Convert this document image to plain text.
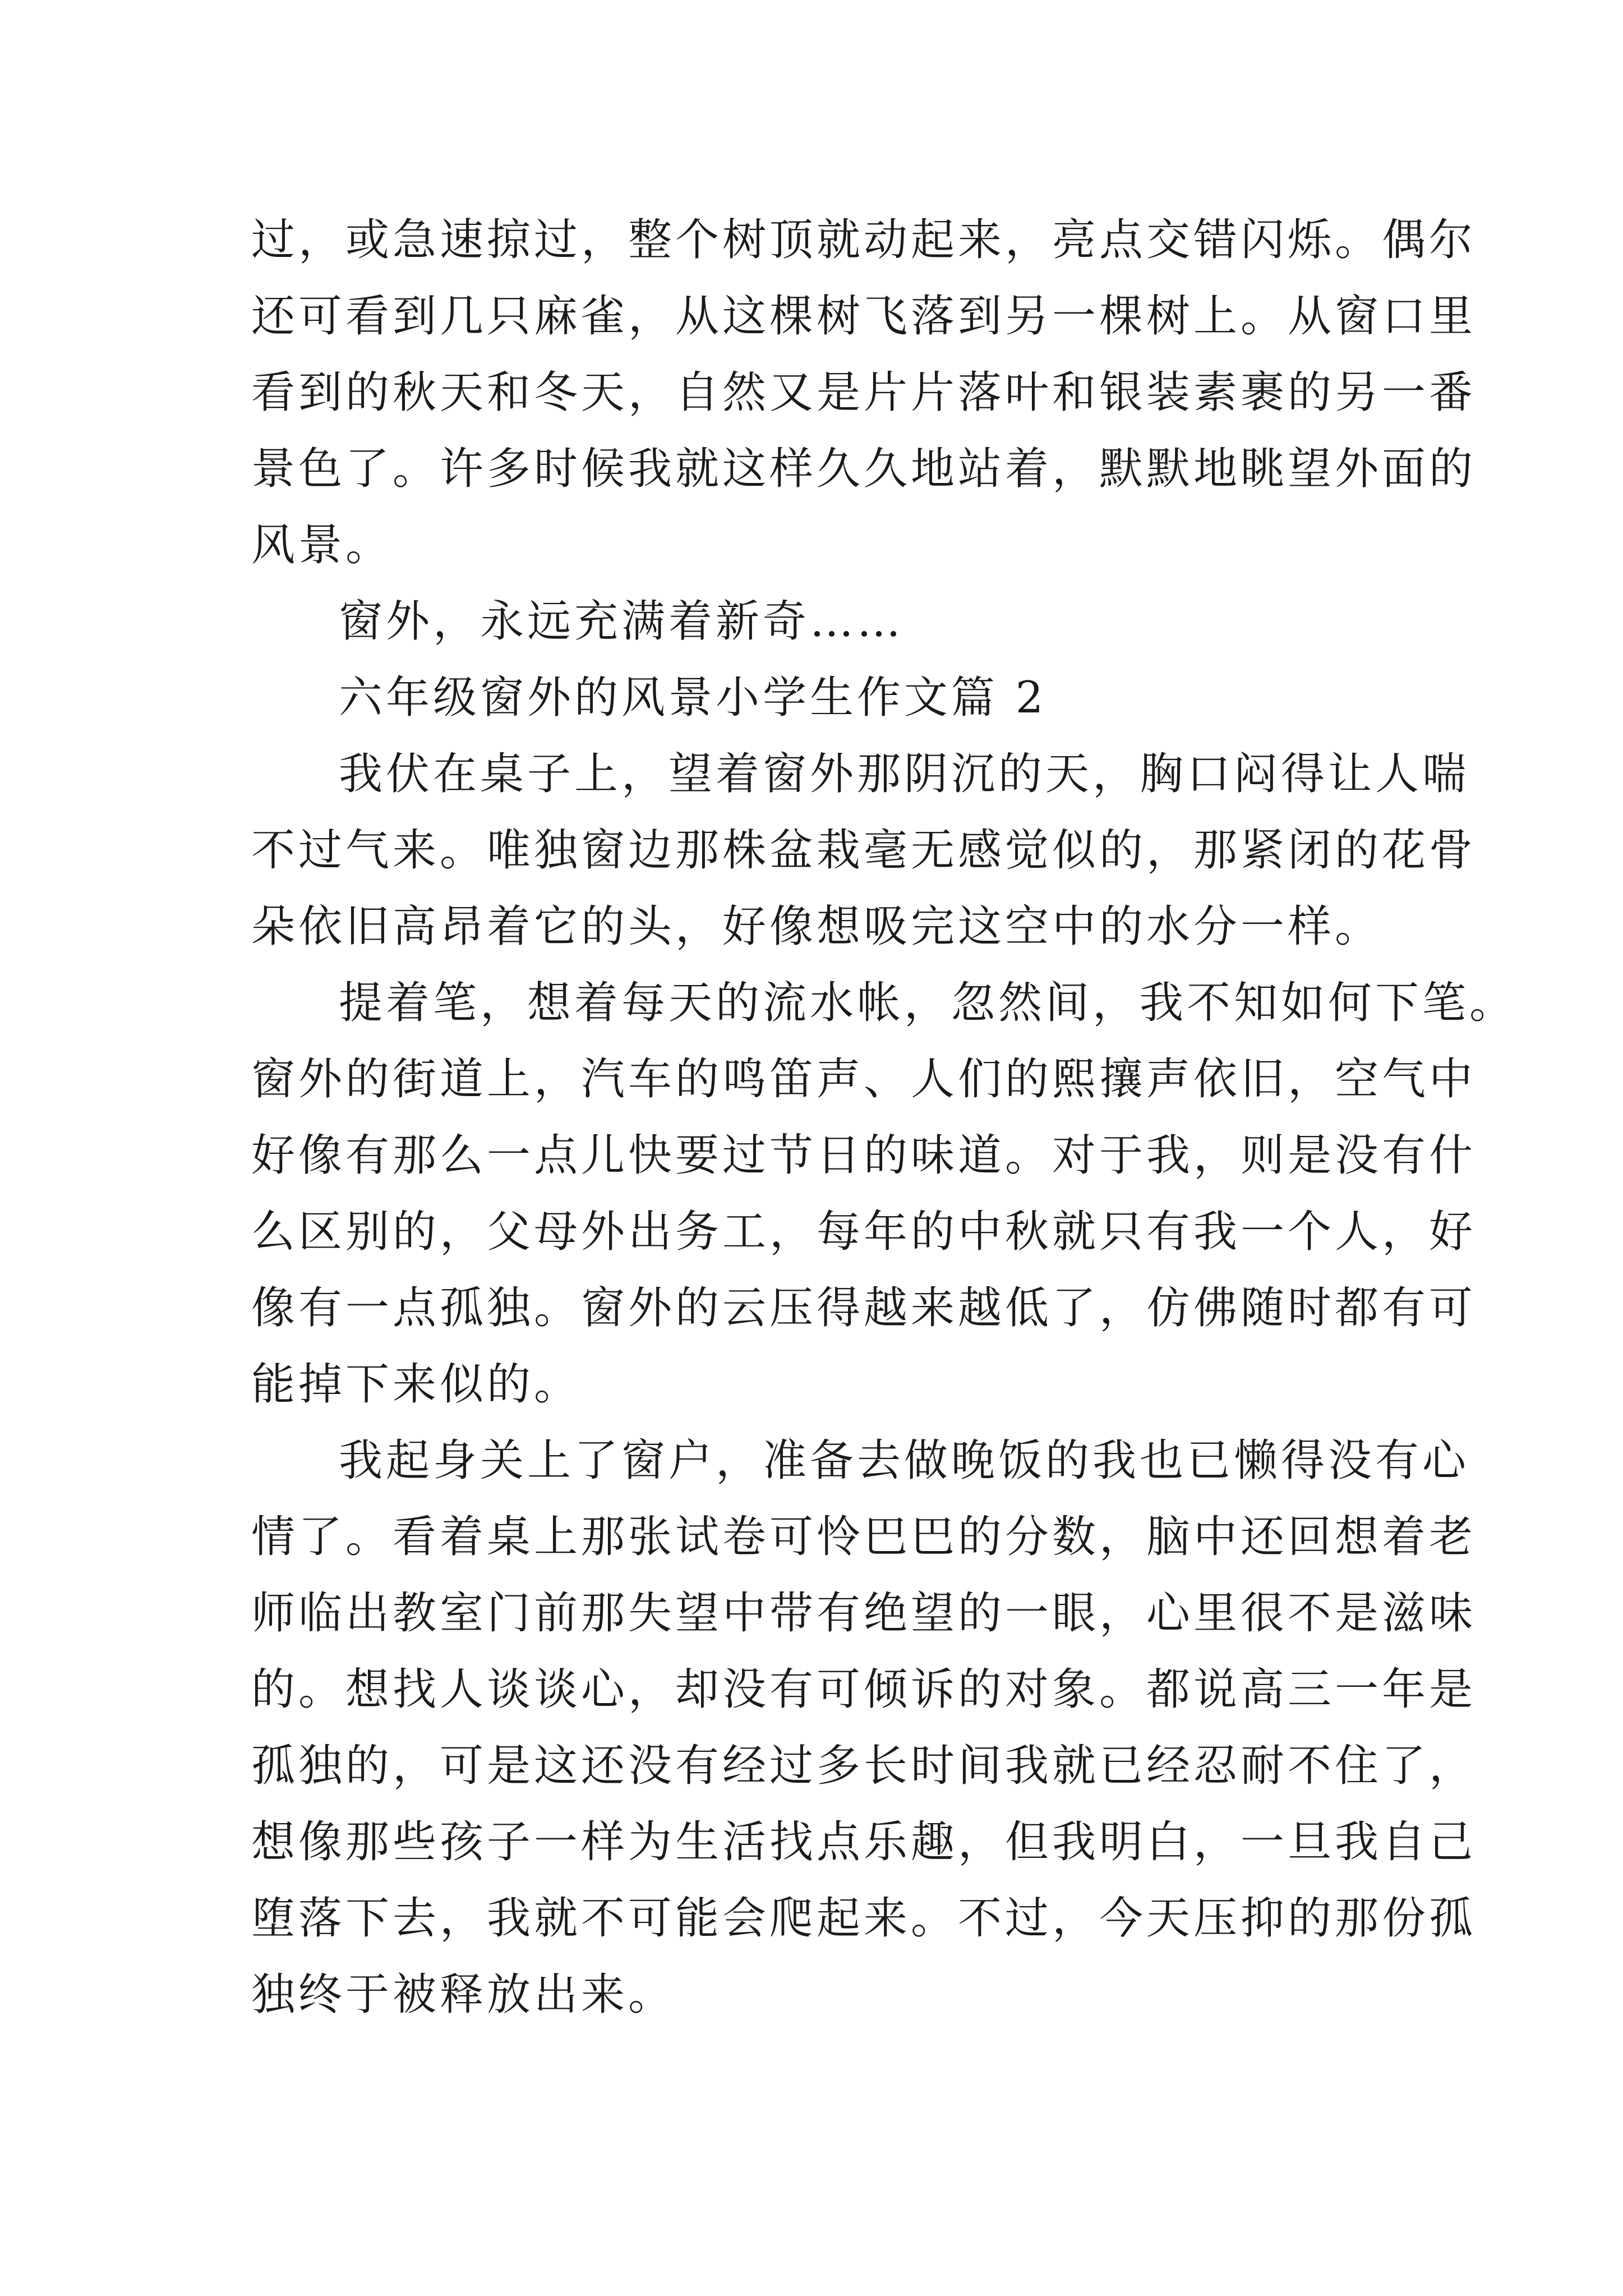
过，或急速掠过，整个树顶就动起来，亮点交错闪烁。偶尔
还可看到几只麻雀，从这棵树飞落到另一棵树上。从窗口里
看到的秋天和冬天，自然又是片片落叶和银装素裹的另一番
景色了。许多时候我就这样久久地站着，默默地眺望外面的
风景。
窗外，永远充满着新奇……
六年级窗外的风景小学生作文篇 2
我伏在桌子上，望着窗外那阴沉的天，胸口闷得让人喘
不过气来。唯独窗边那株盆栽毫无感觉似的，那紧闭的花骨
朵依旧高昂着它的头，好像想吸完这空中的水分一样。
提着笔，想着每天的流水帐，忽然间，我不知如何下笔。
窗外的街道上，汽车的鸣笛声、人们的熙攘声依旧，空气中
好像有那么一点儿快要过节日的味道。对于我，则是没有什
么区别的，父母外出务工，每年的中秋就只有我一个人，好
像有一点孤独。窗外的云压得越来越低了，仿佛随时都有可
能掉下来似的。
我起身关上了窗户，准备去做晚饭的我也已懒得没有心
情了。看着桌上那张试卷可怜巴巴的分数，脑中还回想着老
师临出教室门前那失望中带有绝望的一眼，心里很不是滋味
的。想找人谈谈心，却没有可倾诉的对象。都说高三一年是
孤独的，可是这还没有经过多长时间我就已经忍耐不住了，
想像那些孩子一样为生活找点乐趣，但我明白，一旦我自己
堕落下去，我就不可能会爬起来。不过，今天压抑的那份孤
独终于被释放出来。
